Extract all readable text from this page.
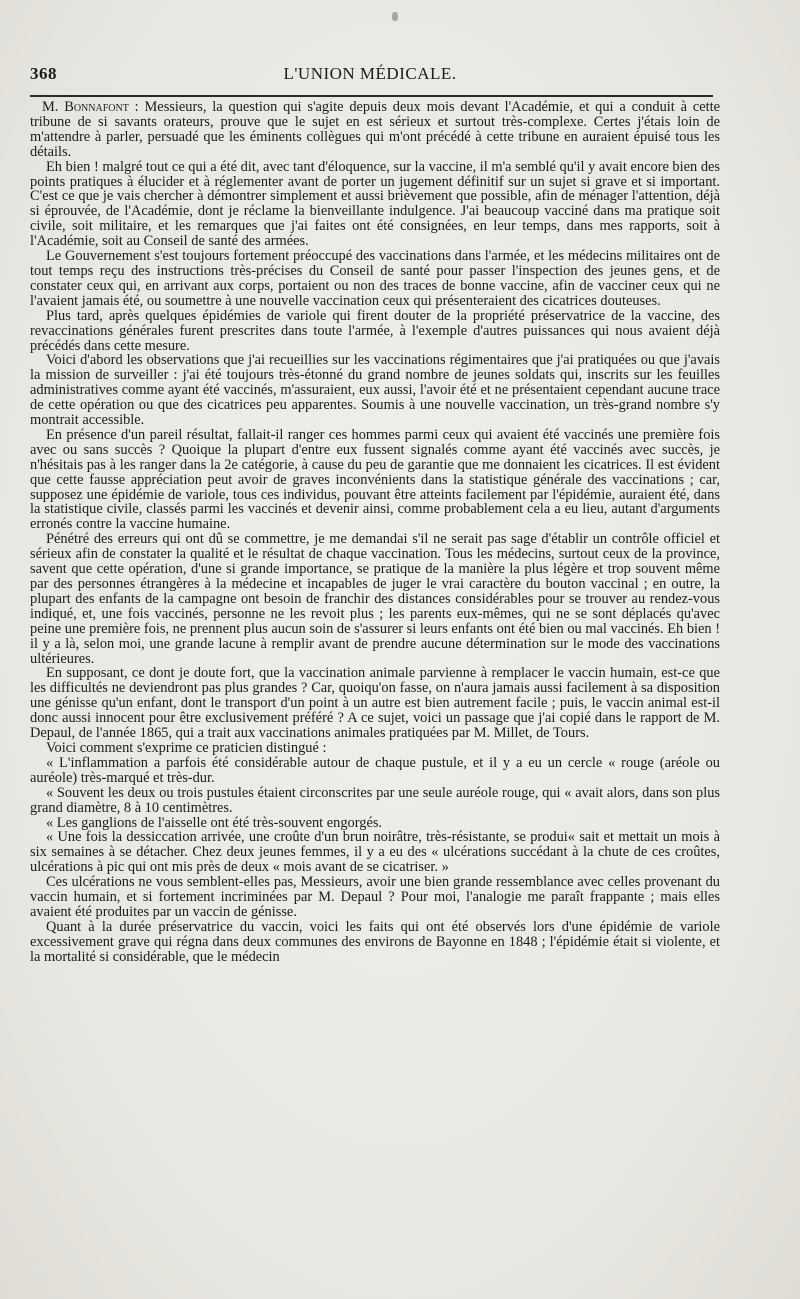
368	L'UNION MÉDICALE.

M. Bonnafont : Messieurs, la question qui s'agite depuis deux mois devant l'Académie, et qui a conduit à cette tribune de si savants orateurs, prouve que le sujet en est sérieux et surtout très-complexe. Certes j'étais loin de m'attendre à parler, persuadé que les éminents collègues qui m'ont précédé à cette tribune en auraient épuisé tous les détails.

Eh bien ! malgré tout ce qui a été dit, avec tant d'éloquence, sur la vaccine, il m'a semblé qu'il y avait encore bien des points pratiques à élucider et à réglementer avant de porter un jugement définitif sur un sujet si grave et si important. C'est ce que je vais chercher à démontrer simplement et aussi brièvement que possible, afin de ménager l'attention, déjà si éprouvée, de l'Académie, dont je réclame la bienveillante indulgence. J'ai beaucoup vacciné dans ma pratique soit civile, soit militaire, et les remarques que j'ai faites ont été consignées, en leur temps, dans mes rapports, soit à l'Académie, soit au Conseil de santé des armées.

Le Gouvernement s'est toujours fortement préoccupé des vaccinations dans l'armée, et les médecins militaires ont de tout temps reçu des instructions très-précises du Conseil de santé pour passer l'inspection des jeunes gens, et de constater ceux qui, en arrivant aux corps, portaient ou non des traces de bonne vaccine, afin de vacciner ceux qui ne l'avaient jamais été, ou soumettre à une nouvelle vaccination ceux qui présenteraient des cicatrices douteuses.

Plus tard, après quelques épidémies de variole qui firent douter de la propriété préservatrice de la vaccine, des revaccinations générales furent prescrites dans toute l'armée, à l'exemple d'autres puissances qui nous avaient déjà précédés dans cette mesure.

Voici d'abord les observations que j'ai recueillies sur les vaccinations régimentaires que j'ai pratiquées ou que j'avais la mission de surveiller : j'ai été toujours très-étonné du grand nombre de jeunes soldats qui, inscrits sur les feuilles administratives comme ayant été vaccinés, m'assuraient, eux aussi, l'avoir été et ne présentaient cependant aucune trace de cette opération ou que des cicatrices peu apparentes. Soumis à une nouvelle vaccination, un très-grand nombre s'y montrait accessible.

En présence d'un pareil résultat, fallait-il ranger ces hommes parmi ceux qui avaient été vaccinés une première fois avec ou sans succès ? Quoique la plupart d'entre eux fussent signalés comme ayant été vaccinés avec succès, je n'hésitais pas à les ranger dans la 2e catégorie, à cause du peu de garantie que me donnaient les cicatrices. Il est évident que cette fausse appréciation peut avoir de graves inconvénients dans la statistique générale des vaccinations ; car, supposez une épidémie de variole, tous ces individus, pouvant être atteints facilement par l'épidémie, auraient été, dans la statistique civile, classés parmi les vaccinés et devenir ainsi, comme probablement cela a eu lieu, autant d'arguments erronés contre la vaccine humaine.

Pénétré des erreurs qui ont dû se commettre, je me demandai s'il ne serait pas sage d'établir un contrôle officiel et sérieux afin de constater la qualité et le résultat de chaque vaccination. Tous les médecins, surtout ceux de la province, savent que cette opération, d'une si grande importance, se pratique de la manière la plus légère et trop souvent même par des personnes étrangères à la médecine et incapables de juger le vrai caractère du bouton vaccinal ; en outre, la plupart des enfants de la campagne ont besoin de franchir des distances considérables pour se trouver au rendez-vous indiqué, et, une fois vaccinés, personne ne les revoit plus ; les parents eux-mêmes, qui ne se sont déplacés qu'avec peine une première fois, ne prennent plus aucun soin de s'assurer si leurs enfants ont été bien ou mal vaccinés. Eh bien ! il y a là, selon moi, une grande lacune à remplir avant de prendre aucune détermination sur le mode des vaccinations ultérieures.

En supposant, ce dont je doute fort, que la vaccination animale parvienne à remplacer le vaccin humain, est-ce que les difficultés ne deviendront pas plus grandes ? Car, quoiqu'on fasse, on n'aura jamais aussi facilement à sa disposition une génisse qu'un enfant, dont le transport d'un point à un autre est bien autrement facile ; puis, le vaccin animal est-il donc aussi innocent pour être exclusivement préféré ? A ce sujet, voici un passage que j'ai copié dans le rapport de M. Depaul, de l'année 1865, qui a trait aux vaccinations animales pratiquées par M. Millet, de Tours.

Voici comment s'exprime ce praticien distingué :

« L'inflammation a parfois été considérable autour de chaque pustule, et il y a eu un cercle « rouge (aréole ou auréole) très-marqué et très-dur.

« Souvent les deux ou trois pustules étaient circonscrites par une seule auréole rouge, qui « avait alors, dans son plus grand diamètre, 8 à 10 centimètres.

« Les ganglions de l'aisselle ont été très-souvent engorgés.

« Une fois la dessiccation arrivée, une croûte d'un brun noirâtre, très-résistante, se produi« sait et mettait un mois à six semaines à se détacher. Chez deux jeunes femmes, il y a eu des « ulcérations succédant à la chute de ces croûtes, ulcérations à pic qui ont mis près de deux « mois avant de se cicatriser. »

Ces ulcérations ne vous semblent-elles pas, Messieurs, avoir une bien grande ressemblance avec celles provenant du vaccin humain, et si fortement incriminées par M. Depaul ? Pour moi, l'analogie me paraît frappante ; mais elles avaient été produites par un vaccin de génisse.

Quant à la durée préservatrice du vaccin, voici les faits qui ont été observés lors d'une épidémie de variole excessivement grave qui régna dans deux communes des environs de Bayonne en 1848 ; l'épidémie était si violente, et la mortalité si considérable, que le médecin
